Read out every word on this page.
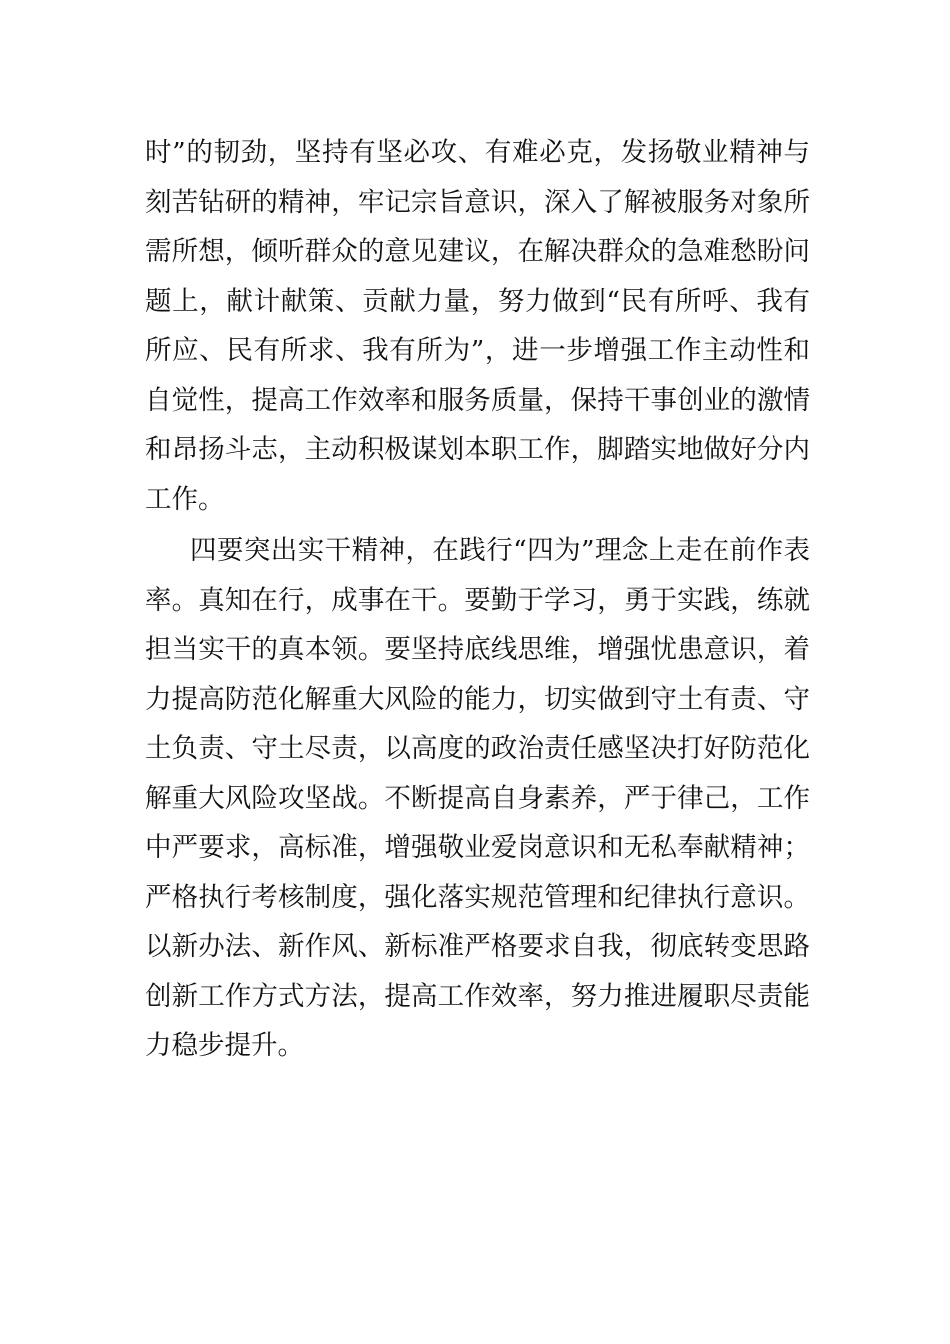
时”的韧劲，坚持有坚必攻、有难必克，发扬敬业精神与
刻苦钻研的精神，牢记宗旨意识，深入了解被服务对象所
需所想，倾听群众的意见建议，在解决群众的急难愁盼问
题上，献计献策、贡献力量，努力做到“民有所呼、我有
所应、民有所求、我有所为”，进一步增强工作主动性和
自觉性，提高工作效率和服务质量，保持干事创业的激情
和昂扬斗志，主动积极谋划本职工作，脚踏实地做好分内
工作。
四要突出实干精神，在践行“四为”理念上走在前作表
率。真知在行，成事在干。要勤于学习，勇于实践，练就
担当实干的真本领。要坚持底线思维，增强忧患意识，着
力提高防范化解重大风险的能力，切实做到守土有责、守
土负责、守土尽责，以高度的政治责任感坚决打好防范化
解重大风险攻坚战。不断提高自身素养，严于律己，工作
中严要求，高标准，增强敬业爱岗意识和无私奉献精神；
严格执行考核制度，强化落实规范管理和纪律执行意识。
以新办法、新作风、新标准严格要求自我，彻底转变思路
创新工作方式方法，提高工作效率，努力推进履职尽责能
力稳步提升。
